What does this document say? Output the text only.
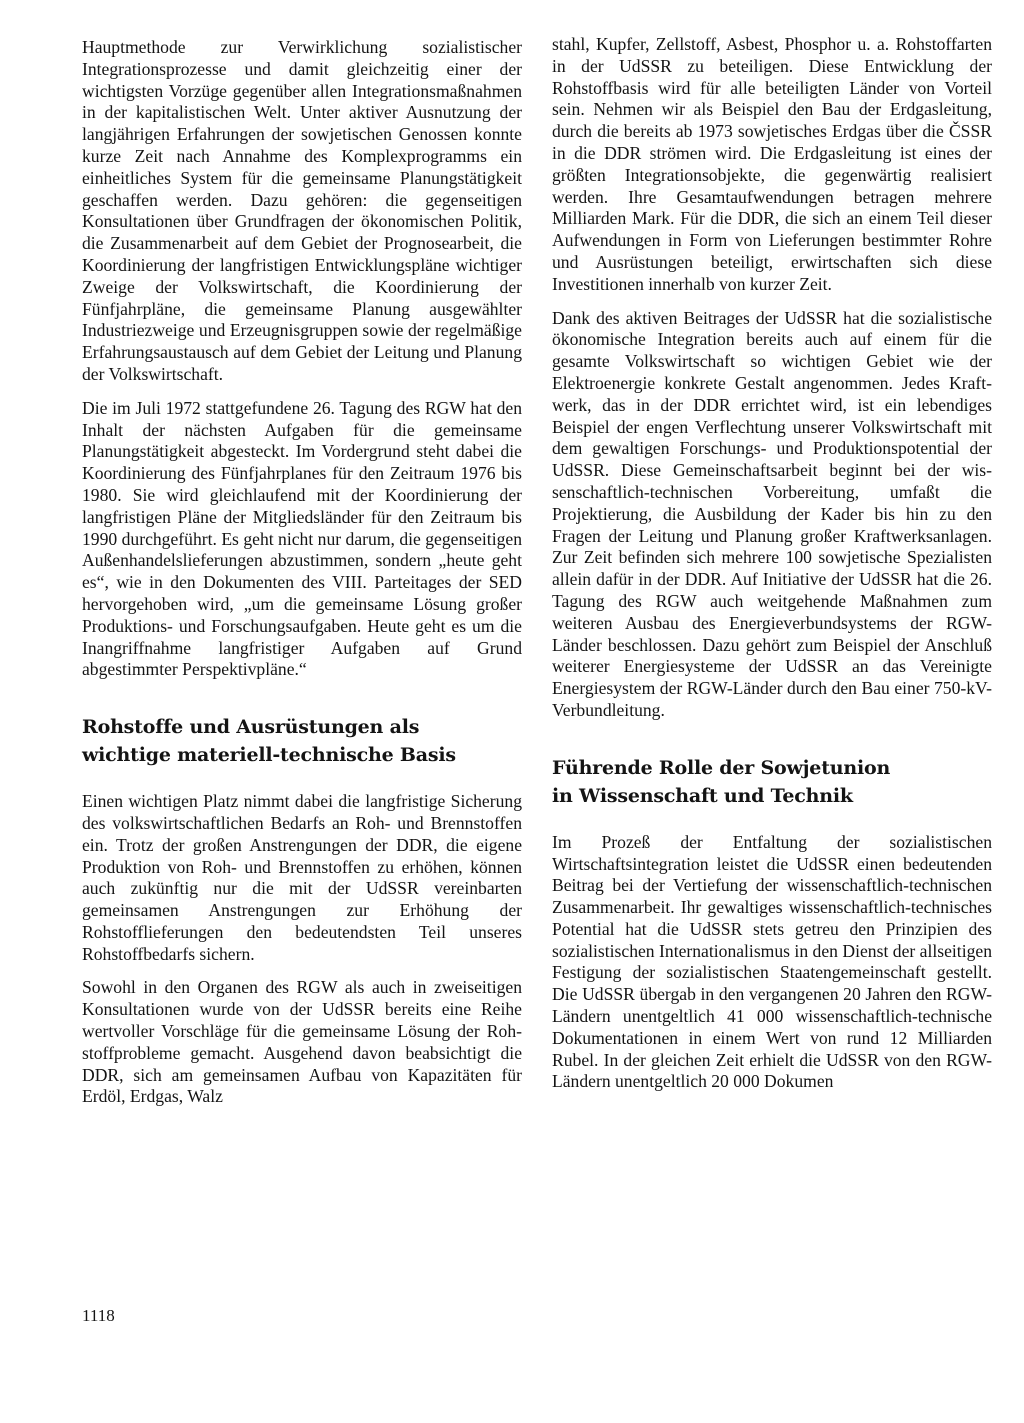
Hauptmethode zur Verwirklichung sozialistischer Integrationsprozesse und damit gleichzeitig einer der wichtigsten Vorzüge gegenüber allen Integrationsmaßnahmen in der kapitalistischen Welt. Unter aktiver Ausnutzung der langjährigen Erfahrungen der sowjetischen Genossen konnte kurze Zeit nach Annahme des Komplexprogramms ein einheitliches System für die gemeinsame Planungstätigkeit geschaffen werden. Dazu gehören: die gegenseitigen Konsultationen über Grundfragen der ökonomischen Politik, die Zusammenarbeit auf dem Gebiet der Prognosearbeit, die Koordinierung der langfristigen Entwicklungspläne wichtiger Zweige der Volkswirtschaft, die Koordinierung der Fünfjahrpläne, die gemeinsame Planung ausgewählter Industriezweige und Erzeugnisgruppen sowie der regelmäßige Erfahrungsaustausch auf dem Gebiet der Leitung und Planung der Volkswirtschaft.

Die im Juli 1972 stattgefundene 26. Tagung des RGW hat den Inhalt der nächsten Aufgaben für die gemeinsame Planungstätigkeit abgesteckt. Im Vordergrund steht dabei die Koordinierung des Fünfjahrplanes für den Zeitraum 1976 bis 1980. Sie wird gleichlaufend mit der Koordinierung der langfristigen Pläne der Mitgliedsländer für den Zeitraum bis 1990 durchgeführt. Es geht nicht nur darum, die gegenseitigen Außenhandelslieferungen abzustimmen, sondern „heute geht es“, wie in den Dokumenten des VIII. Parteitages der SED hervorgehoben wird, „um die gemeinsame Lösung großer Produktions- und Forschungsaufgaben. Heute geht es um die Inangriffnahme langfristiger Aufgaben auf Grund abgestimmter Perspektivpläne.“

Rohstoffe und Ausrüstungen als
wichtige materiell-technische Basis

Einen wichtigen Platz nimmt dabei die langfristige Sicherung des volkswirtschaftlichen Bedarfs an Roh- und Brennstoffen ein. Trotz der großen Anstrengungen der DDR, die eigene Produktion von Roh- und Brennstoffen zu erhöhen, können auch zukünftig nur die mit der UdSSR vereinbarten gemeinsamen Anstrengungen zur Erhöhung der Rohstofflieferungen den bedeutendsten Teil unseres Rohstoffbedarfs sichern.

Sowohl in den Organen des RGW als auch in zweiseitigen Konsultationen wurde von der UdSSR bereits eine Reihe wertvoller Vorschläge für die gemeinsame Lösung der Rohstoffprobleme gemacht. Ausgehend davon beabsichtigt die DDR, sich am gemeinsamen Aufbau von Kapazitäten für Erdöl, Erdgas, Walz

stahl, Kupfer, Zellstoff, Asbest, Phosphor u. a. Rohstoffarten in der UdSSR zu beteiligen. Diese Entwicklung der Rohstoffbasis wird für alle beteiligten Länder von Vorteil sein. Nehmen wir als Beispiel den Bau der Erdgasleitung, durch die bereits ab 1973 sowjetisches Erdgas über die ČSSR in die DDR strömen wird. Die Erdgasleitung ist eines der größten Integrationsobjekte, die gegenwärtig realisiert werden. Ihre Gesamtaufwendungen betragen mehrere Milliarden Mark. Für die DDR, die sich an einem Teil dieser Aufwendungen in Form von Lieferungen bestimmter Rohre und Ausrüstungen beteiligt, erwirtschaften sich diese Investitionen innerhalb von kurzer Zeit.

Dank des aktiven Beitrages der UdSSR hat die sozialistische ökonomische Integration bereits auch auf einem für die gesamte Volkswirtschaft so wichtigen Gebiet wie der Elektroenergie konkrete Gestalt angenommen. Jedes Kraftwerk, das in der DDR errichtet wird, ist ein lebendiges Beispiel der engen Verflechtung unserer Volkswirtschaft mit dem gewaltigen Forschungs- und Produktionspotential der UdSSR. Diese Gemeinschaftsarbeit beginnt bei der wissenschaftlich-technischen Vorbereitung, umfaßt die Projektierung, die Ausbildung der Kader bis hin zu den Fragen der Leitung und Planung großer Kraftwerksanlagen. Zur Zeit befinden sich mehrere 100 sowjetische Spezialisten allein dafür in der DDR. Auf Initiative der UdSSR hat die 26. Tagung des RGW auch weitgehende Maßnahmen zum weiteren Ausbau des Energieverbundsystems der RGW-Länder beschlossen. Dazu gehört zum Beispiel der Anschluß weiterer Energiesysteme der UdSSR an das Vereinigte Energiesystem der RGW-Länder durch den Bau einer 750-kV-Verbundleitung.

Führende Rolle der Sowjetunion
in Wissenschaft und Technik

Im Prozeß der Entfaltung der sozialistischen Wirtschaftsintegration leistet die UdSSR einen bedeutenden Beitrag bei der Vertiefung der wissenschaftlich-technischen Zusammenarbeit. Ihr gewaltiges wissenschaftlich-technisches Potential hat die UdSSR stets getreu den Prinzipien des sozialistischen Internationalismus in den Dienst der allseitigen Festigung der sozialistischen Staatengemeinschaft gestellt. Die UdSSR übergab in den vergangenen 20 Jahren den RGW-Ländern unentgeltlich 41 000 wissenschaftlich-technische Dokumentationen in einem Wert von rund 12 Milliarden Rubel. In der gleichen Zeit erhielt die UdSSR von den RGW-Ländern unentgeltlich 20 000 Dokumen

1118
